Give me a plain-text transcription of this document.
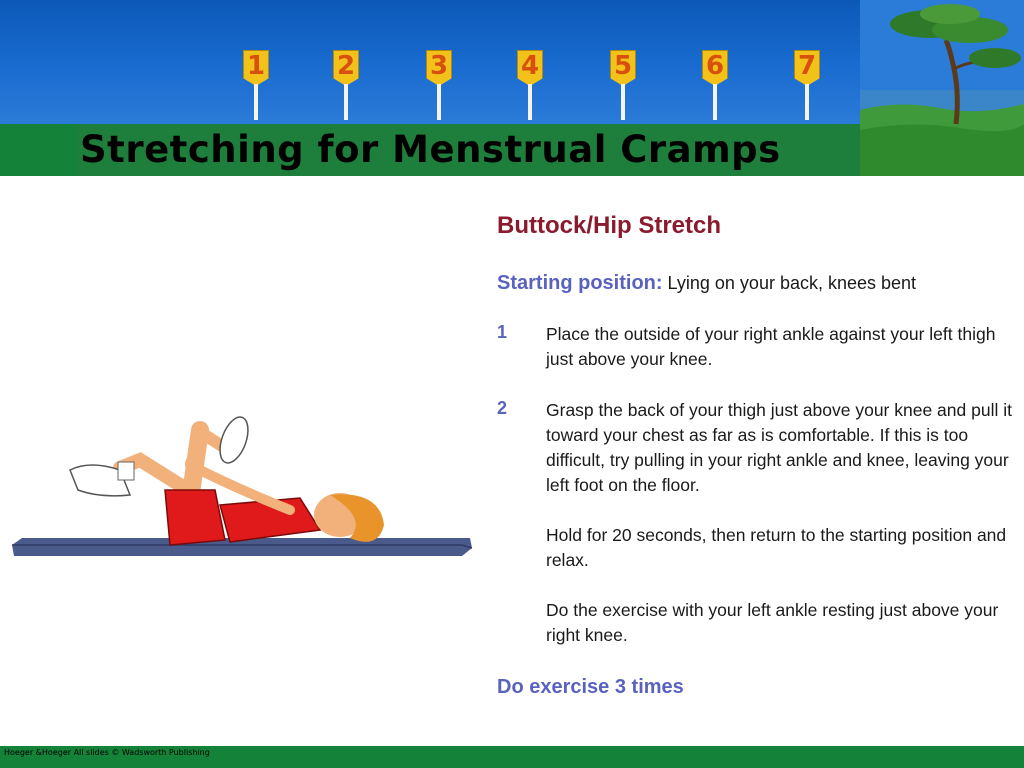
1	2	3	4	5	6	7
Stretching for Menstrual Cramps
Buttock/Hip Stretch
Starting position: Lying on your back, knees bent
1 Place the outside of your right ankle against your left thigh just above your knee.
2 Grasp the back of your thigh just above your knee and pull it toward your chest as far as is comfortable. If this is too difficult, try pulling in your right ankle and knee, leaving your left foot on the floor.
Hold for 20 seconds, then return to the starting position and relax.
Do the exercise with your left ankle resting just above your right knee.
Do exercise 3 times
Hoeger &Hoeger All slides © Wadsworth Publishing
